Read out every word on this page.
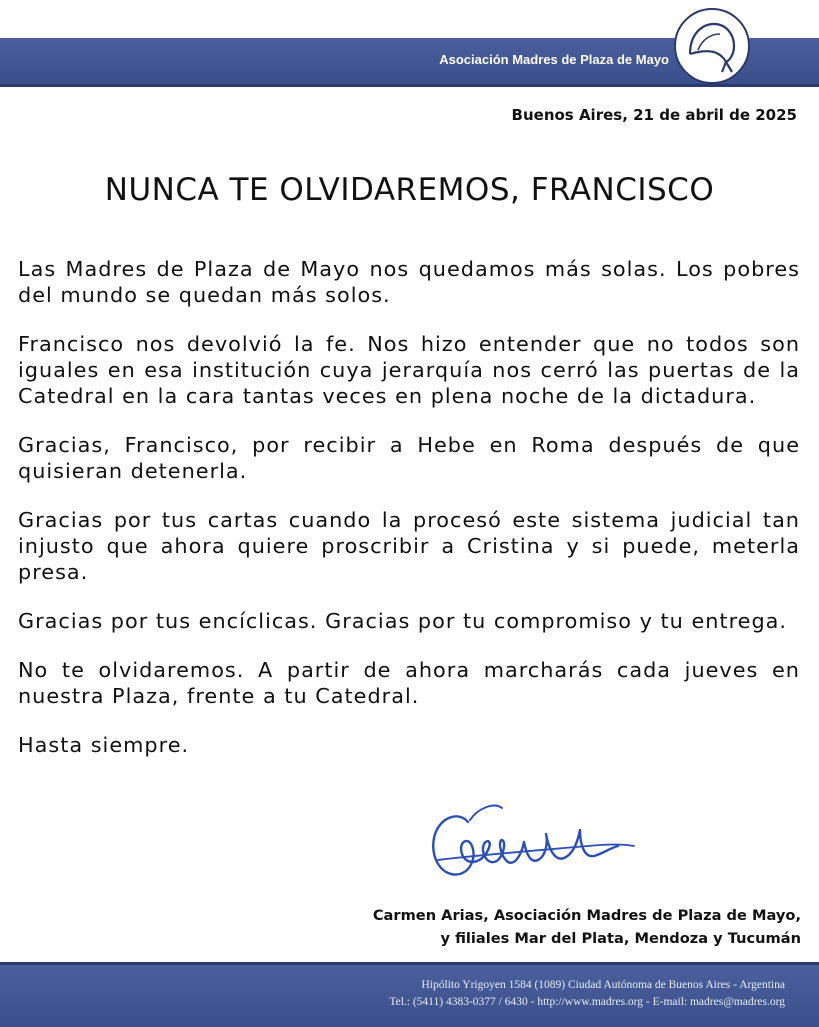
Asociación Madres de Plaza de Mayo
Buenos Aires, 21 de abril de 2025
NUNCA TE OLVIDAREMOS, FRANCISCO

Las Madres de Plaza de Mayo nos quedamos más solas. Los pobres del mundo se quedan más solos.

Francisco nos devolvió la fe. Nos hizo entender que no todos son iguales en esa institución cuya jerarquía nos cerró las puertas de la Catedral en la cara tantas veces en plena noche de la dictadura.

Gracias, Francisco, por recibir a Hebe en Roma después de que quisieran detenerla.

Gracias por tus cartas cuando la procesó este sistema judicial tan injusto que ahora quiere proscribir a Cristina y si puede, meterla presa.

Gracias por tus encíclicas. Gracias por tu compromiso y tu entrega.

No te olvidaremos. A partir de ahora marcharás cada jueves en nuestra Plaza, frente a tu Catedral.

Hasta siempre.

Carmen Arias, Asociación Madres de Plaza de Mayo,
y filiales Mar del Plata, Mendoza y Tucumán
Hipólito Yrigoyen 1584 (1089) Ciudad Autónoma de Buenos Aires - Argentina
Tel.: (5411) 4383-0377 / 6430 - http://www.madres.org - E-mail: madres@madres.org
